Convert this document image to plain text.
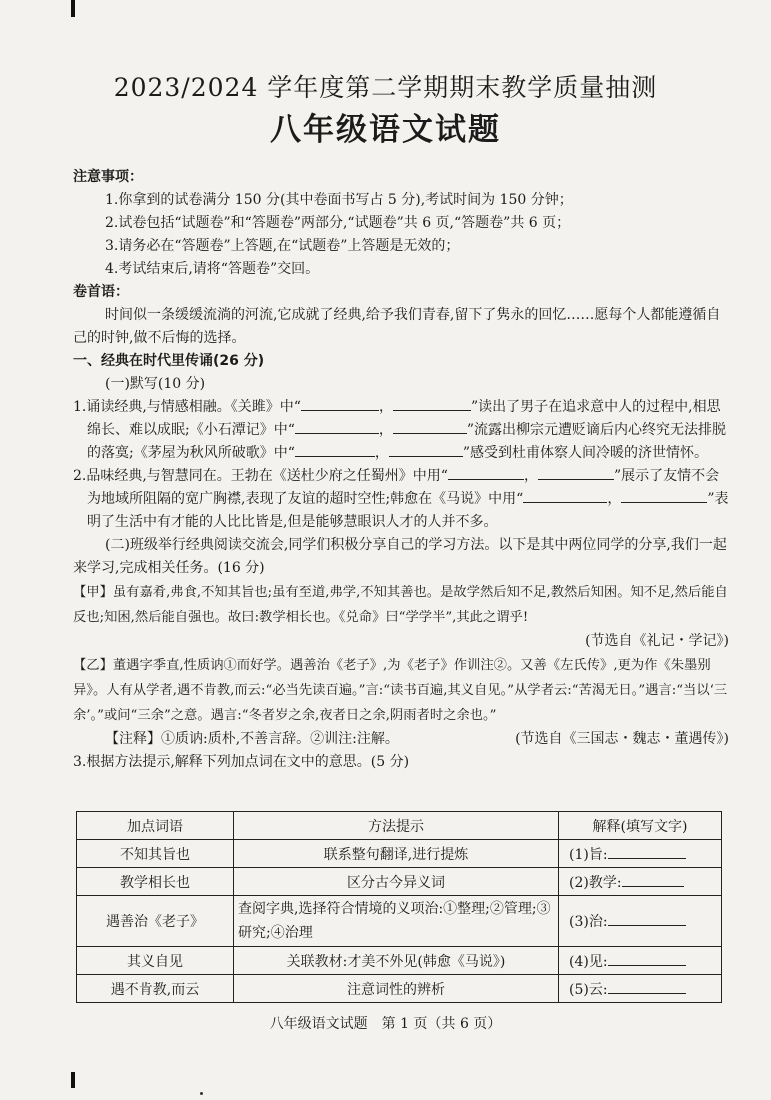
2023/2024 学年度第二学期期末教学质量抽测
八年级语文试题
注意事项：
1.你拿到的试卷满分 150 分(其中卷面书写占 5 分),考试时间为 150 分钟；
2.试卷包括“试题卷”和“答题卷”两部分,“试题卷”共 6 页,“答题卷”共 6 页；
3.请务必在“答题卷”上答题,在“试题卷”上答题是无效的；
4.考试结束后,请将“答题卷”交回。
卷首语：
时间似一条缓缓流淌的河流,它成就了经典,给予我们青春,留下了隽永的回忆……愿每个人都能遵循自己的时钟,做不后悔的选择。
一、经典在时代里传诵(26 分)
(一)默写(10 分)
1.诵读经典,与情感相融。《关雎》中“	，	”读出了男子在追求意中人的过程中,相思绵长、难以成眠;《小石潭记》中“	，	”流露出柳宗元遭贬谪后内心终究无法排脱的落寞;《茅屋为秋风所破歌》中“	，	”感受到杜甫体察人间冷暖的济世情怀。
2.品味经典,与智慧同在。王勃在《送杜少府之任蜀州》中用“	，	”展示了友情不会为地域所阻隔的宽广胸襟,表现了友谊的超时空性;韩愈在《马说》中用“	，	”表明了生活中有才能的人比比皆是,但是能够慧眼识人才的人并不多。
(二)班级举行经典阅读交流会,同学们积极分享自己的学习方法。以下是其中两位同学的分享,我们一起来学习,完成相关任务。(16 分)
【甲】虽有嘉肴,弗食,不知其旨也;虽有至道,弗学,不知其善也。是故学然后知不足,教然后知困。知不足,然后能自反也;知困,然后能自强也。故曰:教学相长也。《兑命》曰“学学半”,其此之谓乎!
(节选自《礼记・学记》)
【乙】董遇字季直,性质讷①而好学。遇善治《老子》,为《老子》作训注②。又善《左氏传》,更为作《朱墨别异》。人有从学者,遇不肯教,而云:“必当先读百遍。”言:“读书百遍,其义自见。”从学者云:“苦渴无日。”遇言:“当以‘三余’。”或问“三余”之意。遇言:“冬者岁之余,夜者日之余,阴雨者时之余也。”
【注释】①质讷:质朴,不善言辞。②训注:注解。	(节选自《三国志・魏志・董遇传》)
3.根据方法提示,解释下列加点词在文中的意思。(5 分)
加点词语	方法提示	解释(填写文字)
不知其旨也	联系整句翻译,进行提炼	(1)旨:
教学相长也	区分古今异义词	(2)教学:
遇善治《老子》	查阅字典,选择符合情境的义项治:①整理;②管理;③研究;④治理	(3)治:
其义自见	关联教材:才美不外见(韩愈《马说》)	(4)见:
遇不肯教,而云	注意词性的辨析	(5)云:
八年级语文试题　第 1 页（共 6 页）
